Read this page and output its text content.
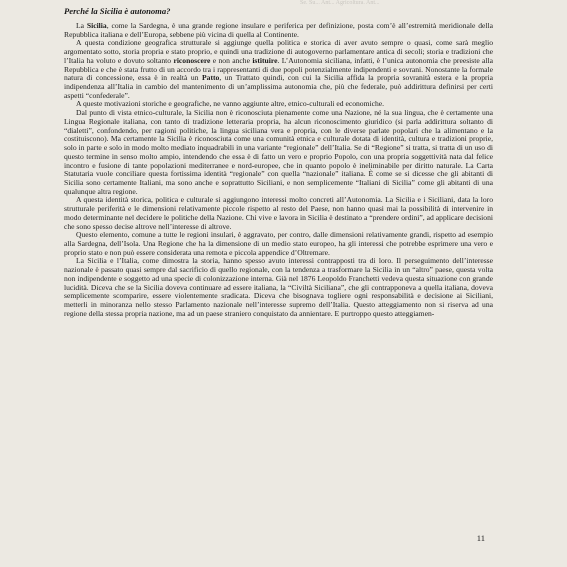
Se. Su... Ant... Agricoltura. Ant...
Perché la Sicilia è autonoma?

La Sicilia, come la Sardegna, è una grande regione insulare e periferica per definizione, posta com’è all’estremità meridionale della Repubblica italiana e dell’Europa, sebbene più vicina di quella al Continente.

A questa condizione geografica strutturale si aggiunge quella politica e storica di aver avuto sempre o quasi, come sarà meglio argomentato sotto, storia propria e stato proprio, e quindi una tradizione di autogoverno parlamentare antica di secoli; storia e tradizioni che l’Italia ha voluto e dovuto soltanto riconoscere e non anche istituire. L’Autonomia siciliana, infatti, è l’unica autonomia che preesiste alla Repubblica e che è stata frutto di un accordo tra i rappresentanti di due popoli potenzialmente indipendenti e sovrani. Nonostante la formale natura di concessione, essa è in realtà un Patto, un Trattato quindi, con cui la Sicilia affida la propria sovranità estera e la propria indipendenza all’Italia in cambio del mantenimento di un’amplissima autonomia che, più che federale, può addirittura definirsi per certi aspetti “confederale”.

A queste motivazioni storiche e geografiche, ne vanno aggiunte altre, etnico-culturali ed economiche.

Dal punto di vista etnico-culturale, la Sicilia non è riconosciuta pienamente come una Nazione, né la sua lingua, che è certamente una Lingua Regionale italiana, con tanto di tradizione letteraria propria, ha alcun riconoscimento giuridico (si parla addirittura soltanto di “dialetti”, confondendo, per ragioni politiche, la lingua siciliana vera e propria, con le diverse parlate popolari che la alimentano e la costituiscono). Ma certamente la Sicilia è riconosciuta come una comunità etnica e culturale dotata di identità, cultura e tradizioni proprie, solo in parte e solo in modo molto mediato inquadrabili in una variante “regionale” dell’Italia. Se di “Regione” si tratta, si tratta di un uso di questo termine in senso molto ampio, intendendo che essa è di fatto un vero e proprio Popolo, con una propria soggettività nata dal felice incontro e fusione di tante popolazioni mediterranee e nord-europee, che in quanto popolo è ineliminabile per diritto naturale. La Carta Statutaria vuole conciliare questa fortissima identità “regionale” con quella “nazionale” italiana. È come se si dicesse che gli abitanti di Sicilia sono certamente Italiani, ma sono anche e soprattutto Siciliani, e non semplicemente “Italiani di Sicilia” come gli abitanti di una qualunque altra regione.

A questa identità storica, politica e culturale si aggiungono interessi molto concreti all’Autonomia. La Sicilia e i Siciliani, data la loro strutturale periferità e le dimensioni relativamente piccole rispetto al resto del Paese, non hanno quasi mai la possibilità di intervenire in modo determinante nel decidere le politiche della Nazione. Chi vive e lavora in Sicilia è destinato a “prendere ordini”, ad applicare decisioni che sono spesso decise altrove nell’interesse di altrove.

Questo elemento, comune a tutte le regioni insulari, è aggravato, per contro, dalle dimensioni relativamente grandi, rispetto ad esempio alla Sardegna, dell’Isola. Una Regione che ha la dimensione di un medio stato europeo, ha gli interessi che potrebbe esprimere una vero e proprio stato e non può essere considerata una remota e piccola appendice d’Oltremare.

La Sicilia e l’Italia, come dimostra la storia, hanno spesso avuto interessi contrapposti tra di loro. Il perseguimento dell’interesse nazionale è passato quasi sempre dal sacrificio di quello regionale, con la tendenza a trasformare la Sicilia in un “altro” paese, questa volta non indipendente e soggetto ad una specie di colonizzazione interna. Già nel 1876 Leopoldo Franchetti vedeva questa situazione con grande lucidità. Diceva che se la Sicilia doveva continuare ad essere italiana, la “Civiltà Siciliana”, che gli contrapponeva a quella italiana, doveva semplicemente scomparire, essere violentemente sradicata. Diceva che bisognava togliere ogni responsabilità e decisione ai Siciliani, metterli in minoranza nello stesso Parlamento nazionale nell’interesse supremo dell’Italia. Questo atteggiamento non si riserva ad una regione della stessa propria nazione, ma ad un paese straniero conquistato da annientare. E purtroppo questo atteggiamen-

11
